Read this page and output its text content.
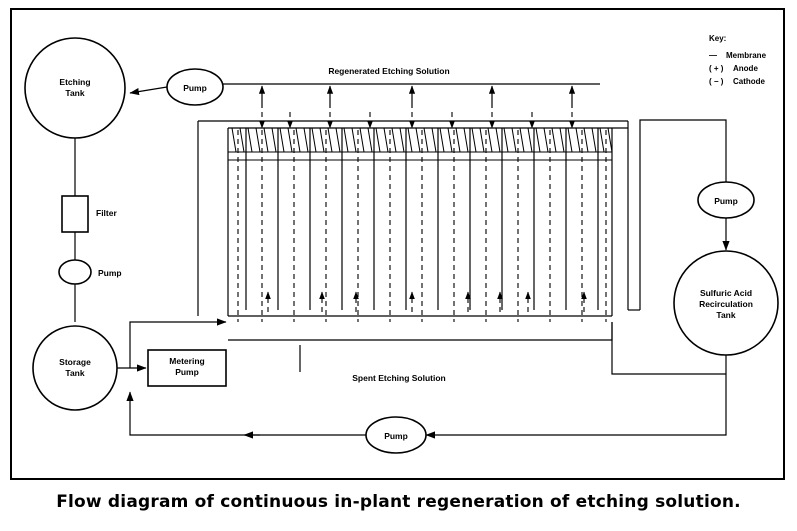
Etching
Tank
Filter
Pump
Storage
Tank
Metering
Pump
Pump
Regenerated Etching Solution
Pump
Sulfuric Acid
Recirculation
Tank
Pump
Spent Etching Solution
Key:
— Membrane
( + ) Anode
( − ) Cathode
Flow diagram of continuous in-plant regeneration of etching solution.
